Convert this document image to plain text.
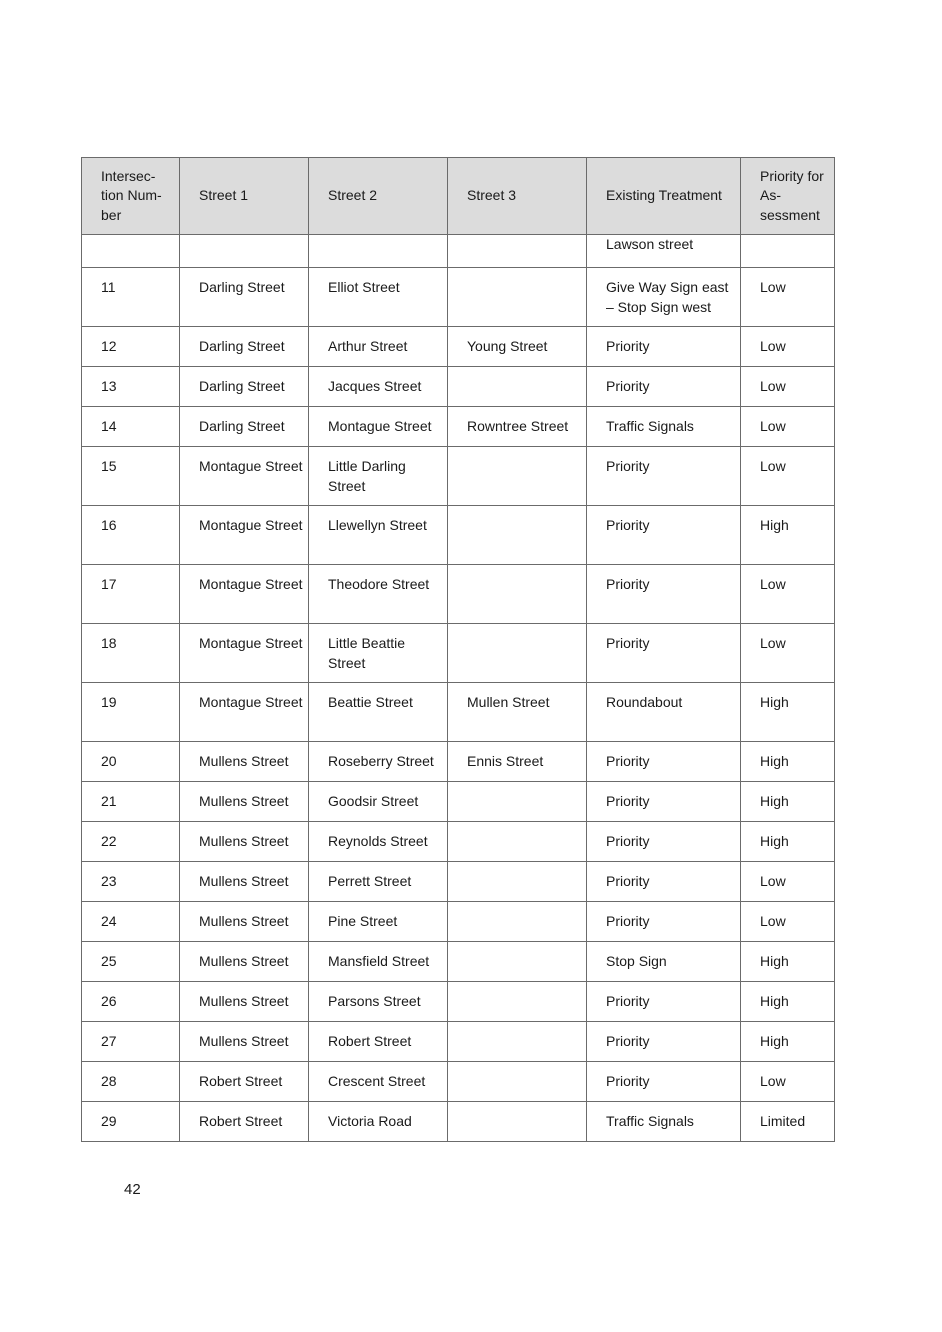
Intersec-tion Num-ber	Street 1	Street 2	Street 3	Existing Treatment	Priority for As-sessment
				Lawson street	
11	Darling Street	Elliot Street		Give Way Sign east – Stop Sign west	Low
12	Darling Street	Arthur Street	Young Street	Priority	Low
13	Darling Street	Jacques Street		Priority	Low
14	Darling Street	Montague Street	Rowntree Street	Traffic Signals	Low
15	Montague Street	Little Darling Street		Priority	Low
16	Montague Street	Llewellyn Street		Priority	High
17	Montague Street	Theodore Street		Priority	Low
18	Montague Street	Little Beattie Street		Priority	Low
19	Montague Street	Beattie Street	Mullen Street	Roundabout	High
20	Mullens Street	Roseberry Street	Ennis Street	Priority	High
21	Mullens Street	Goodsir Street		Priority	High
22	Mullens Street	Reynolds Street		Priority	High
23	Mullens Street	Perrett Street		Priority	Low
24	Mullens Street	Pine Street		Priority	Low
25	Mullens Street	Mansfield Street		Stop Sign	High
26	Mullens Street	Parsons Street		Priority	High
27	Mullens Street	Robert Street		Priority	High
28	Robert Street	Crescent Street		Priority	Low
29	Robert Street	Victoria Road		Traffic Signals	Limited
42
